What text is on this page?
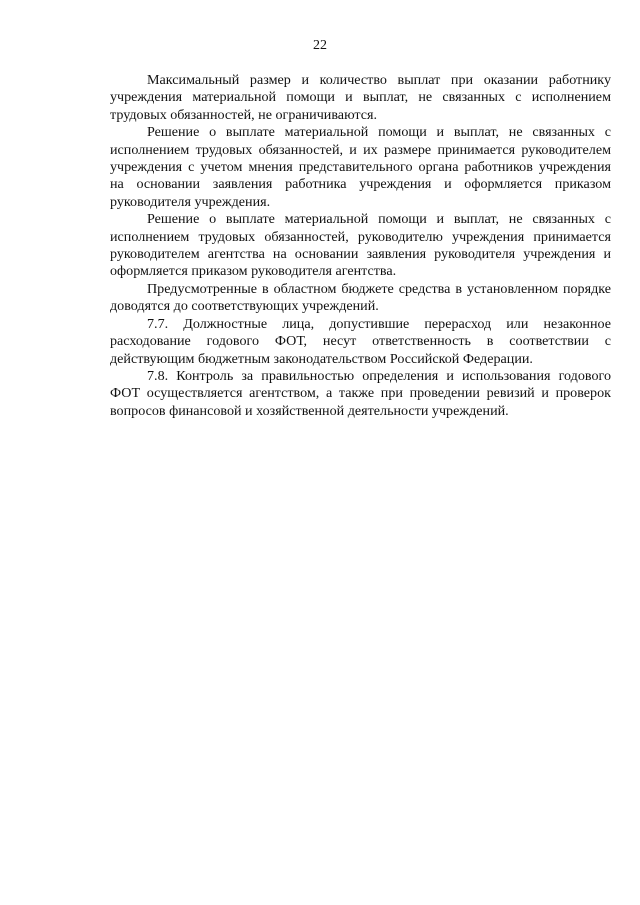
22

Максимальный размер и количество выплат при оказании работнику учреждения материальной помощи и выплат, не связанных с исполнением трудовых обязанностей, не ограничиваются.

Решение о выплате материальной помощи и выплат, не связанных с исполнением трудовых обязанностей, и их размере принимается руководителем учреждения с учетом мнения представительного органа работников учреждения на основании заявления работника учреждения и оформляется приказом руководителя учреждения.

Решение о выплате материальной помощи и выплат, не связанных с исполнением трудовых обязанностей, руководителю учреждения принимается руководителем агентства на основании заявления руководителя учреждения и оформляется приказом руководителя агентства.

Предусмотренные в областном бюджете средства в установленном порядке доводятся до соответствующих учреждений.

7.7. Должностные лица, допустившие перерасход или незаконное расходование годового ФОТ, несут ответственность в соответствии с действующим бюджетным законодательством Российской Федерации.

7.8. Контроль за правильностью определения и использования годового ФОТ осуществляется агентством, а также при проведении ревизий и проверок вопросов финансовой и хозяйственной деятельности учреждений.
